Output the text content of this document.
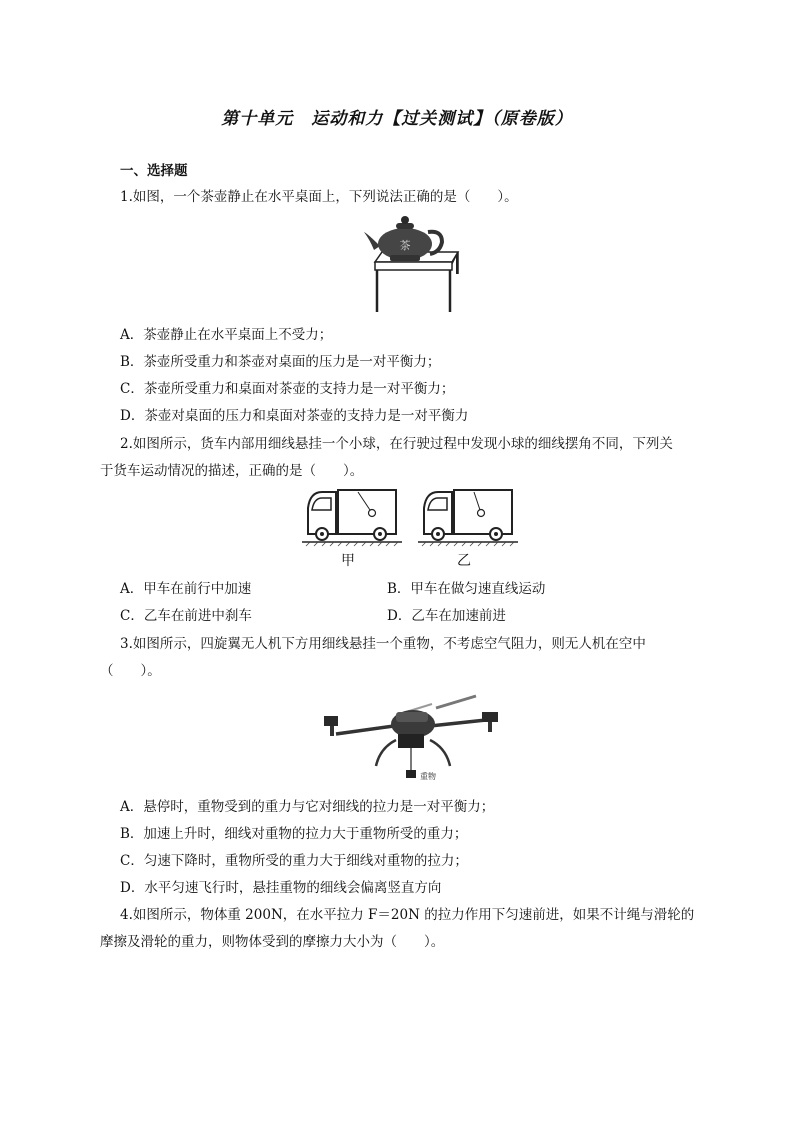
第十单元　运动和力【过关测试】（原卷版）
一、选择题
1.如图，一个茶壶静止在水平桌面上，下列说法正确的是（　　）。
茶
A．茶壶静止在水平桌面上不受力；
B．茶壶所受重力和茶壶对桌面的压力是一对平衡力；
C．茶壶所受重力和桌面对茶壶的支持力是一对平衡力；
D．茶壶对桌面的压力和桌面对茶壶的支持力是一对平衡力
2.如图所示，货车内部用细线悬挂一个小球，在行驶过程中发现小球的细线摆角不同，下列关
于货车运动情况的描述，正确的是（　　）。
甲	乙
A．甲车在前行中加速	B．甲车在做匀速直线运动
C．乙车在前进中刹车	D．乙车在加速前进
3.如图所示，四旋翼无人机下方用细线悬挂一个重物，不考虑空气阻力，则无人机在空中
（　　）。
重物
A．悬停时，重物受到的重力与它对细线的拉力是一对平衡力；
B．加速上升时，细线对重物的拉力大于重物所受的重力；
C．匀速下降时，重物所受的重力大于细线对重物的拉力；
D．水平匀速飞行时，悬挂重物的细线会偏离竖直方向
4.如图所示，物体重 200N，在水平拉力 F＝20N 的拉力作用下匀速前进，如果不计绳与滑轮的
摩擦及滑轮的重力，则物体受到的摩擦力大小为（　　）。
